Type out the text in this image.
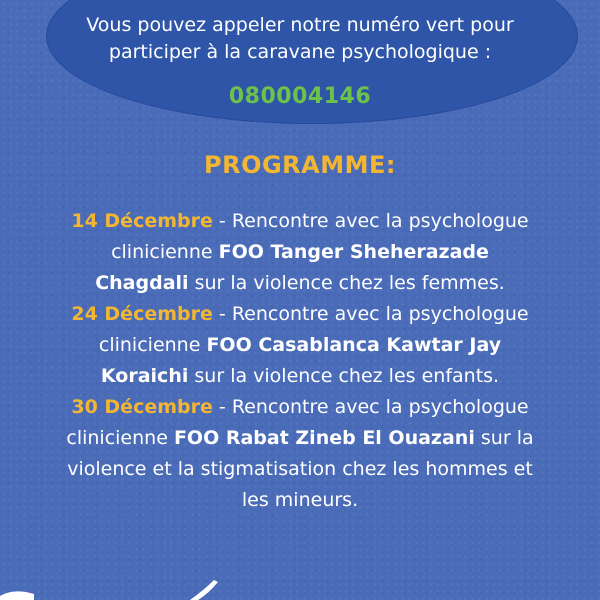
Vous pouvez appeler notre numéro vert pour participer à la caravane psychologique :
080004146
PROGRAMME:
14 Décembre - Rencontre avec la psychologue clinicienne FOO Tanger Sheherazade Chagdali sur la violence chez les femmes.
24 Décembre - Rencontre avec la psychologue clinicienne FOO Casablanca Kawtar Jay Koraichi sur la violence chez les enfants.
30 Décembre - Rencontre avec la psychologue clinicienne FOO Rabat Zineb El Ouazani sur la violence et la stigmatisation chez les hommes et les mineurs.
